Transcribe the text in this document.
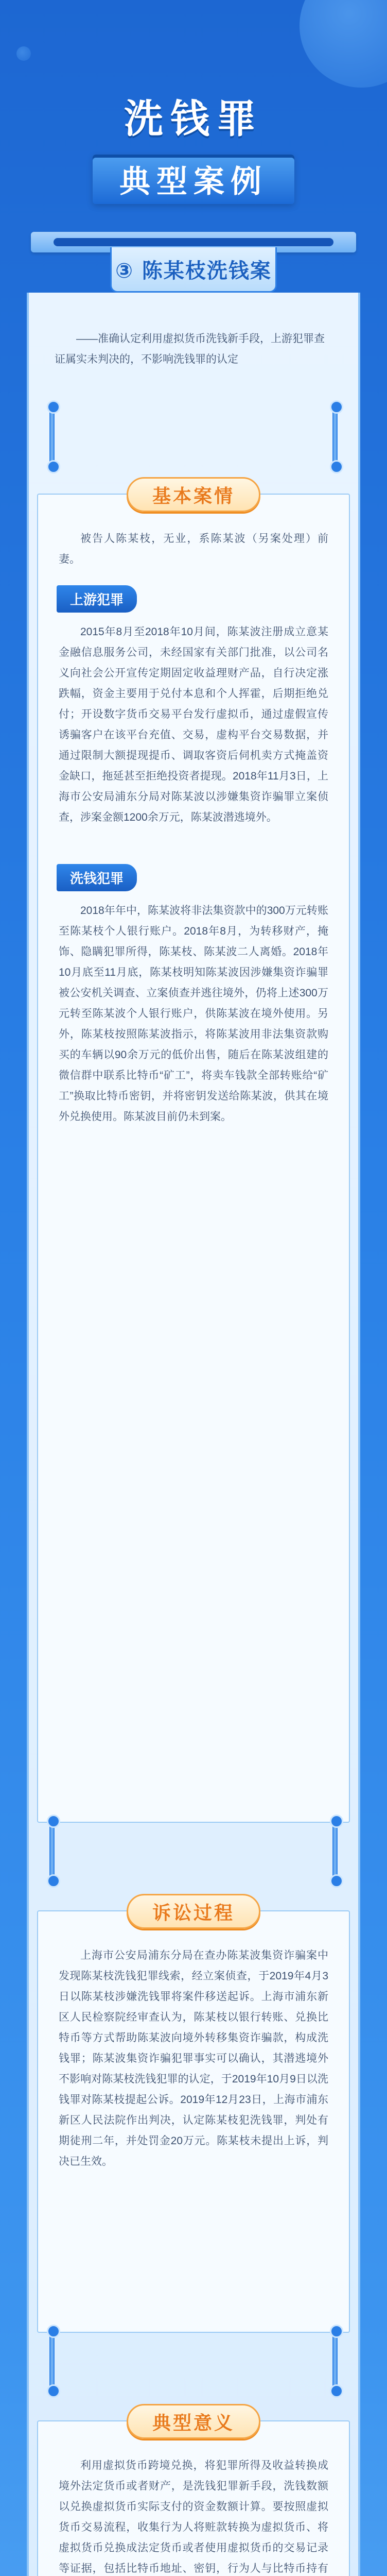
洗钱罪
典型案例
③ 陈某枝洗钱案

——准确认定利用虚拟货币洗钱新手段，上游犯罪查证属实未判决的，不影响洗钱罪的认定

基本案情

被告人陈某枝，无业，系陈某波（另案处理）前妻。

上游犯罪

2015年8月至2018年10月间，陈某波注册成立意某金融信息服务公司，未经国家有关部门批准，以公司名义向社会公开宣传定期固定收益理财产品，自行决定涨跌幅，资金主要用于兑付本息和个人挥霍，后期拒绝兑付；开设数字货币交易平台发行虚拟币，通过虚假宣传诱骗客户在该平台充值、交易，虚构平台交易数据，并通过限制大额提现提币、调取客资后伺机卖方式掩盖资金缺口，拖延甚至拒绝投资者提现。2018年11月3日，上海市公安局浦东分局对陈某波以涉嫌集资诈骗罪立案侦查，涉案金额1200余万元，陈某波潜逃境外。

洗钱犯罪

2018年年中，陈某波将非法集资款中的300万元转账至陈某枝个人银行账户。2018年8月，为转移财产，掩饰、隐瞒犯罪所得，陈某枝、陈某波二人离婚。2018年10月底至11月底，陈某枝明知陈某波因涉嫌集资诈骗罪被公安机关调查、立案侦查并逃往境外，仍将上述300万元转至陈某波个人银行账户，供陈某波在境外使用。另外，陈某枝按照陈某波指示，将陈某波用非法集资款购买的车辆以90余万元的低价出售，随后在陈某波组建的微信群中联系比特币“矿工”，将卖车钱款全部转账给“矿工”换取比特币密钥，并将密钥发送给陈某波，供其在境外兑换使用。陈某波目前仍未到案。

诉讼过程

上海市公安局浦东分局在查办陈某波集资诈骗案中发现陈某枝洗钱犯罪线索，经立案侦查，于2019年4月3日以陈某枝涉嫌洗钱罪将案件移送起诉。上海市浦东新区人民检察院经审查认为，陈某枝以银行转账、兑换比特币等方式帮助陈某波向境外转移集资诈骗款，构成洗钱罪；陈某波集资诈骗犯罪事实可以确认，其潜逃境外不影响对陈某枝洗钱犯罪的认定，于2019年10月9日以洗钱罪对陈某枝提起公诉。2019年12月23日，上海市浦东新区人民法院作出判决，认定陈某枝犯洗钱罪，判处有期徒刑二年，并处罚金20万元。陈某枝未提出上诉，判决已生效。

典型意义

利用虚拟货币跨境兑换，将犯罪所得及收益转换成境外法定货币或者财产，是洗钱犯罪新手段，洗钱数额以兑换虚拟货币实际支付的资金数额计算。要按照虚拟货币交易流程，收集行为人将赃款转换为虚拟货币、将虚拟货币兑换成法定货币或者使用虚拟货币的交易记录等证据，包括比特币地址、密钥，行为人与比特币持有
